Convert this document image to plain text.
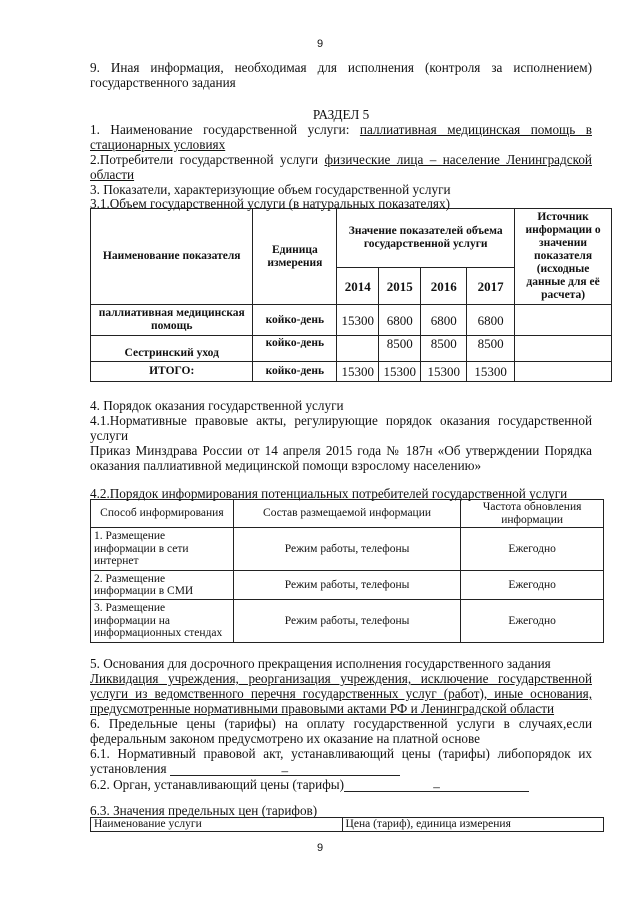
9
9. Иная информация, необходимая для исполнения (контроля за исполнением) государственного задания
РАЗДЕЛ 5
1. Наименование государственной услуги: паллиативная медицинская помощь в стационарных условиях
2.Потребители государственной услуги физические лица – население Ленинградской области
3. Показатели, характеризующие объем государственной услуги
3.1.Объем государственной услуги (в натуральных показателях)
Наименование показателя	Единица измерения	Значение показателей объема государственной услуги				Источник информации о значении показателя (исходные данные для её расчета)
		2014	2015	2016	2017	
паллиативная медицинская помощь	койко-день	15300	6800	6800	6800	
Сестринский уход	койко-день		8500	8500	8500	
ИТОГО:	койко-день	15300	15300	15300	15300	
4. Порядок оказания государственной услуги
4.1.Нормативные правовые акты, регулирующие порядок оказания государственной услуги
Приказ Минздрава России от 14 апреля 2015 года № 187н «Об утверждении Порядка оказания паллиативной медицинской помощи взрослому населению»
4.2.Порядок информирования потенциальных потребителей государственной услуги
Способ информирования	Состав размещаемой информации	Частота обновления информации
1. Размещение информации в сети интернет	Режим работы, телефоны	Ежегодно
2. Размещение информации в СМИ	Режим работы, телефоны	Ежегодно
3. Размещение информации на информационных стендах	Режим работы, телефоны	Ежегодно
5. Основания для досрочного прекращения исполнения государственного задания
Ликвидация учреждения, реорганизация учреждения, исключение государственной услуги из ведомственного перечня государственных услуг (работ), иные основания, предусмотренные нормативными правовыми актами РФ и Ленинградской области
6. Предельные цены (тарифы) на оплату государственной услуги в случаях,если федеральным законом предусмотрено их оказание на платной основе
6.1. Нормативный правовой акт, устанавливающий цены (тарифы) либопорядок их установления	–
6.2. Орган, устанавливающий цены (тарифы)	–
6.3. Значения предельных цен (тарифов)
Наименование услуги	Цена (тариф), единица измерения
9
